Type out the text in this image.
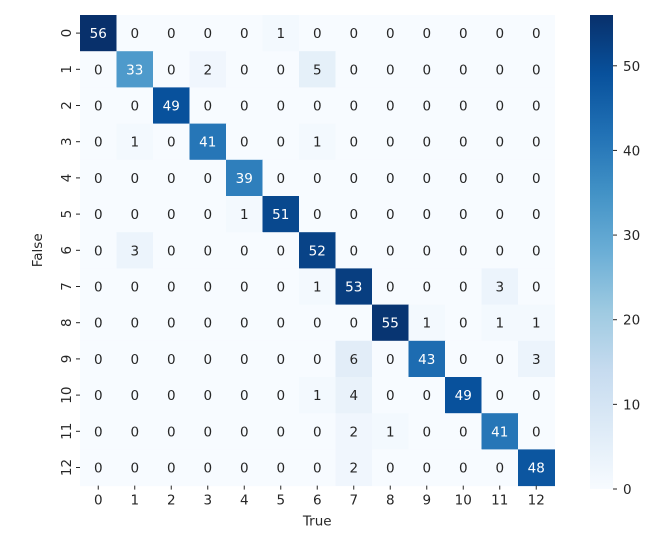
56 0 0 0 0 1 0 0 0 0 0 0 0
0 33 0 2 0 0 5 0 0 0 0 0 0
0 0 49 0 0 0 0 0 0 0 0 0 0
0 1 0 41 0 0 1 0 0 0 0 0 0
0 0 0 0 39 0 0 0 0 0 0 0 0
0 0 0 0 1 51 0 0 0 0 0 0 0
0 3 0 0 0 0 52 0 0 0 0 0 0
0 0 0 0 0 0 1 53 0 0 0 3 0
0 0 0 0 0 0 0 0 55 1 0 1 1
0 0 0 0 0 0 0 6 0 43 0 0 3
0 0 0 0 0 0 1 4 0 0 49 0 0
0 0 0 0 0 0 0 2 1 0 0 41 0
0 0 0 0 0 0 0 2 0 0 0 0 48
0 1 2 3 4 5 6 7 8 9 10 11 12
0
1
2
3
4
5
6
7
8
9
10
11
12
0
10
20
30
40
50
True
False
